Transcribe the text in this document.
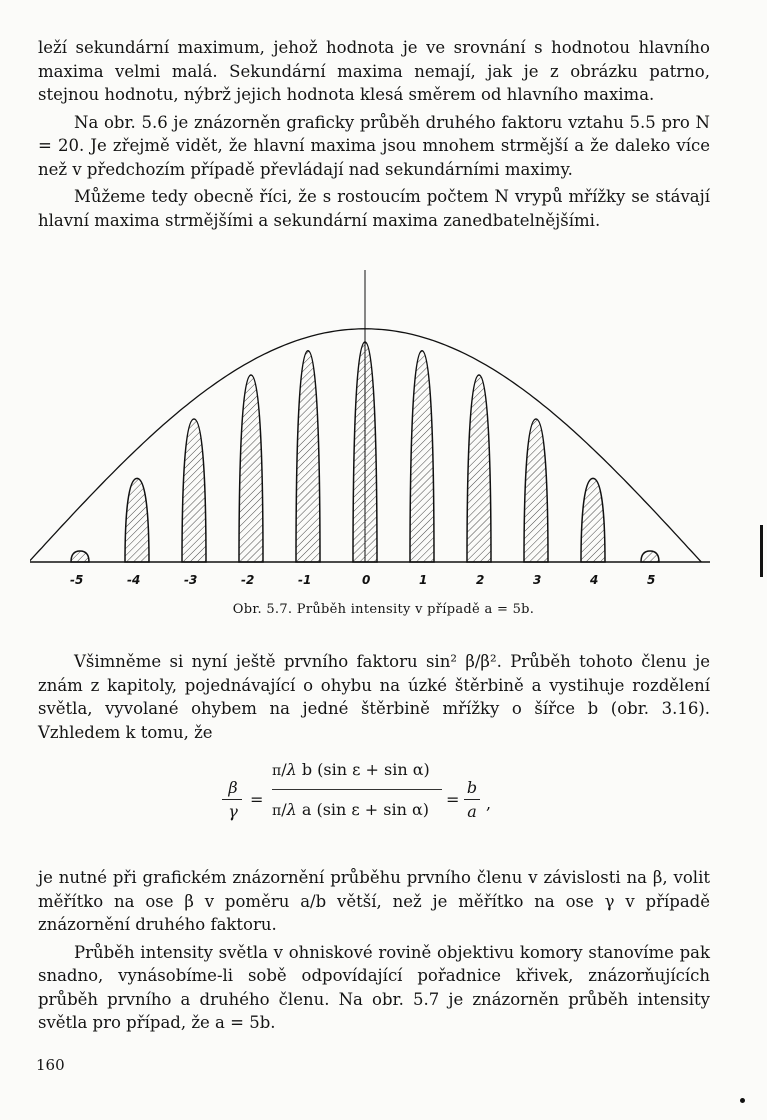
leží sekundární maximum, jehož hodnota je ve srovnání s hodnotou hlavního maxima velmi malá. Sekundární maxima nemají, jak je z obrázku patrno, stejnou hodnotu, nýbrž jejich hodnota klesá směrem od hlavního maxima.

Na obr. 5.6 je znázorněn graficky průběh druhého faktoru vztahu 5.5 pro N = 20. Je zřejmě vidět, že hlavní maxima jsou mnohem strmější a že daleko více než v předchozím případě převládají nad sekundárními maximy.

Můžeme tedy obecně říci, že s rostoucím počtem N vrypů mřížky se stávají hlavní maxima strmějšími a sekundární maxima zanedbatelnějšími.

-5	-4	-3	-2	-1	0	1	2	3	4	5
Obr. 5.7. Průběh intensity v případě a = 5b.

Všimněme si nyní ještě prvního faktoru sin² β/β². Průběh tohoto členu je znám z kapitoly, pojednávající o ohybu na úzké štěrbině a vystihuje rozdělení světla, vyvolané ohybem na jedné štěrbině mřížky o šířce b (obr. 3.16). Vzhledem k tomu, že

β
γ
=
π/λ b (sin ε + sin α)
π/λ a (sin ε + sin α)
=
b
a ,

je nutné při grafickém znázornění průběhu prvního členu v závislosti na β, volit měřítko na ose β v poměru a/b větší, než je měřítko na ose γ v případě znázornění druhého faktoru.

Průběh intensity světla v ohniskové rovině objektivu komory stanovíme pak snadno, vynásobíme-li sobě odpovídající pořadnice křivek, znázorňujících průběh prvního a druhého členu. Na obr. 5.7 je znázorněn průběh intensity světla pro případ, že a = 5b.

160
